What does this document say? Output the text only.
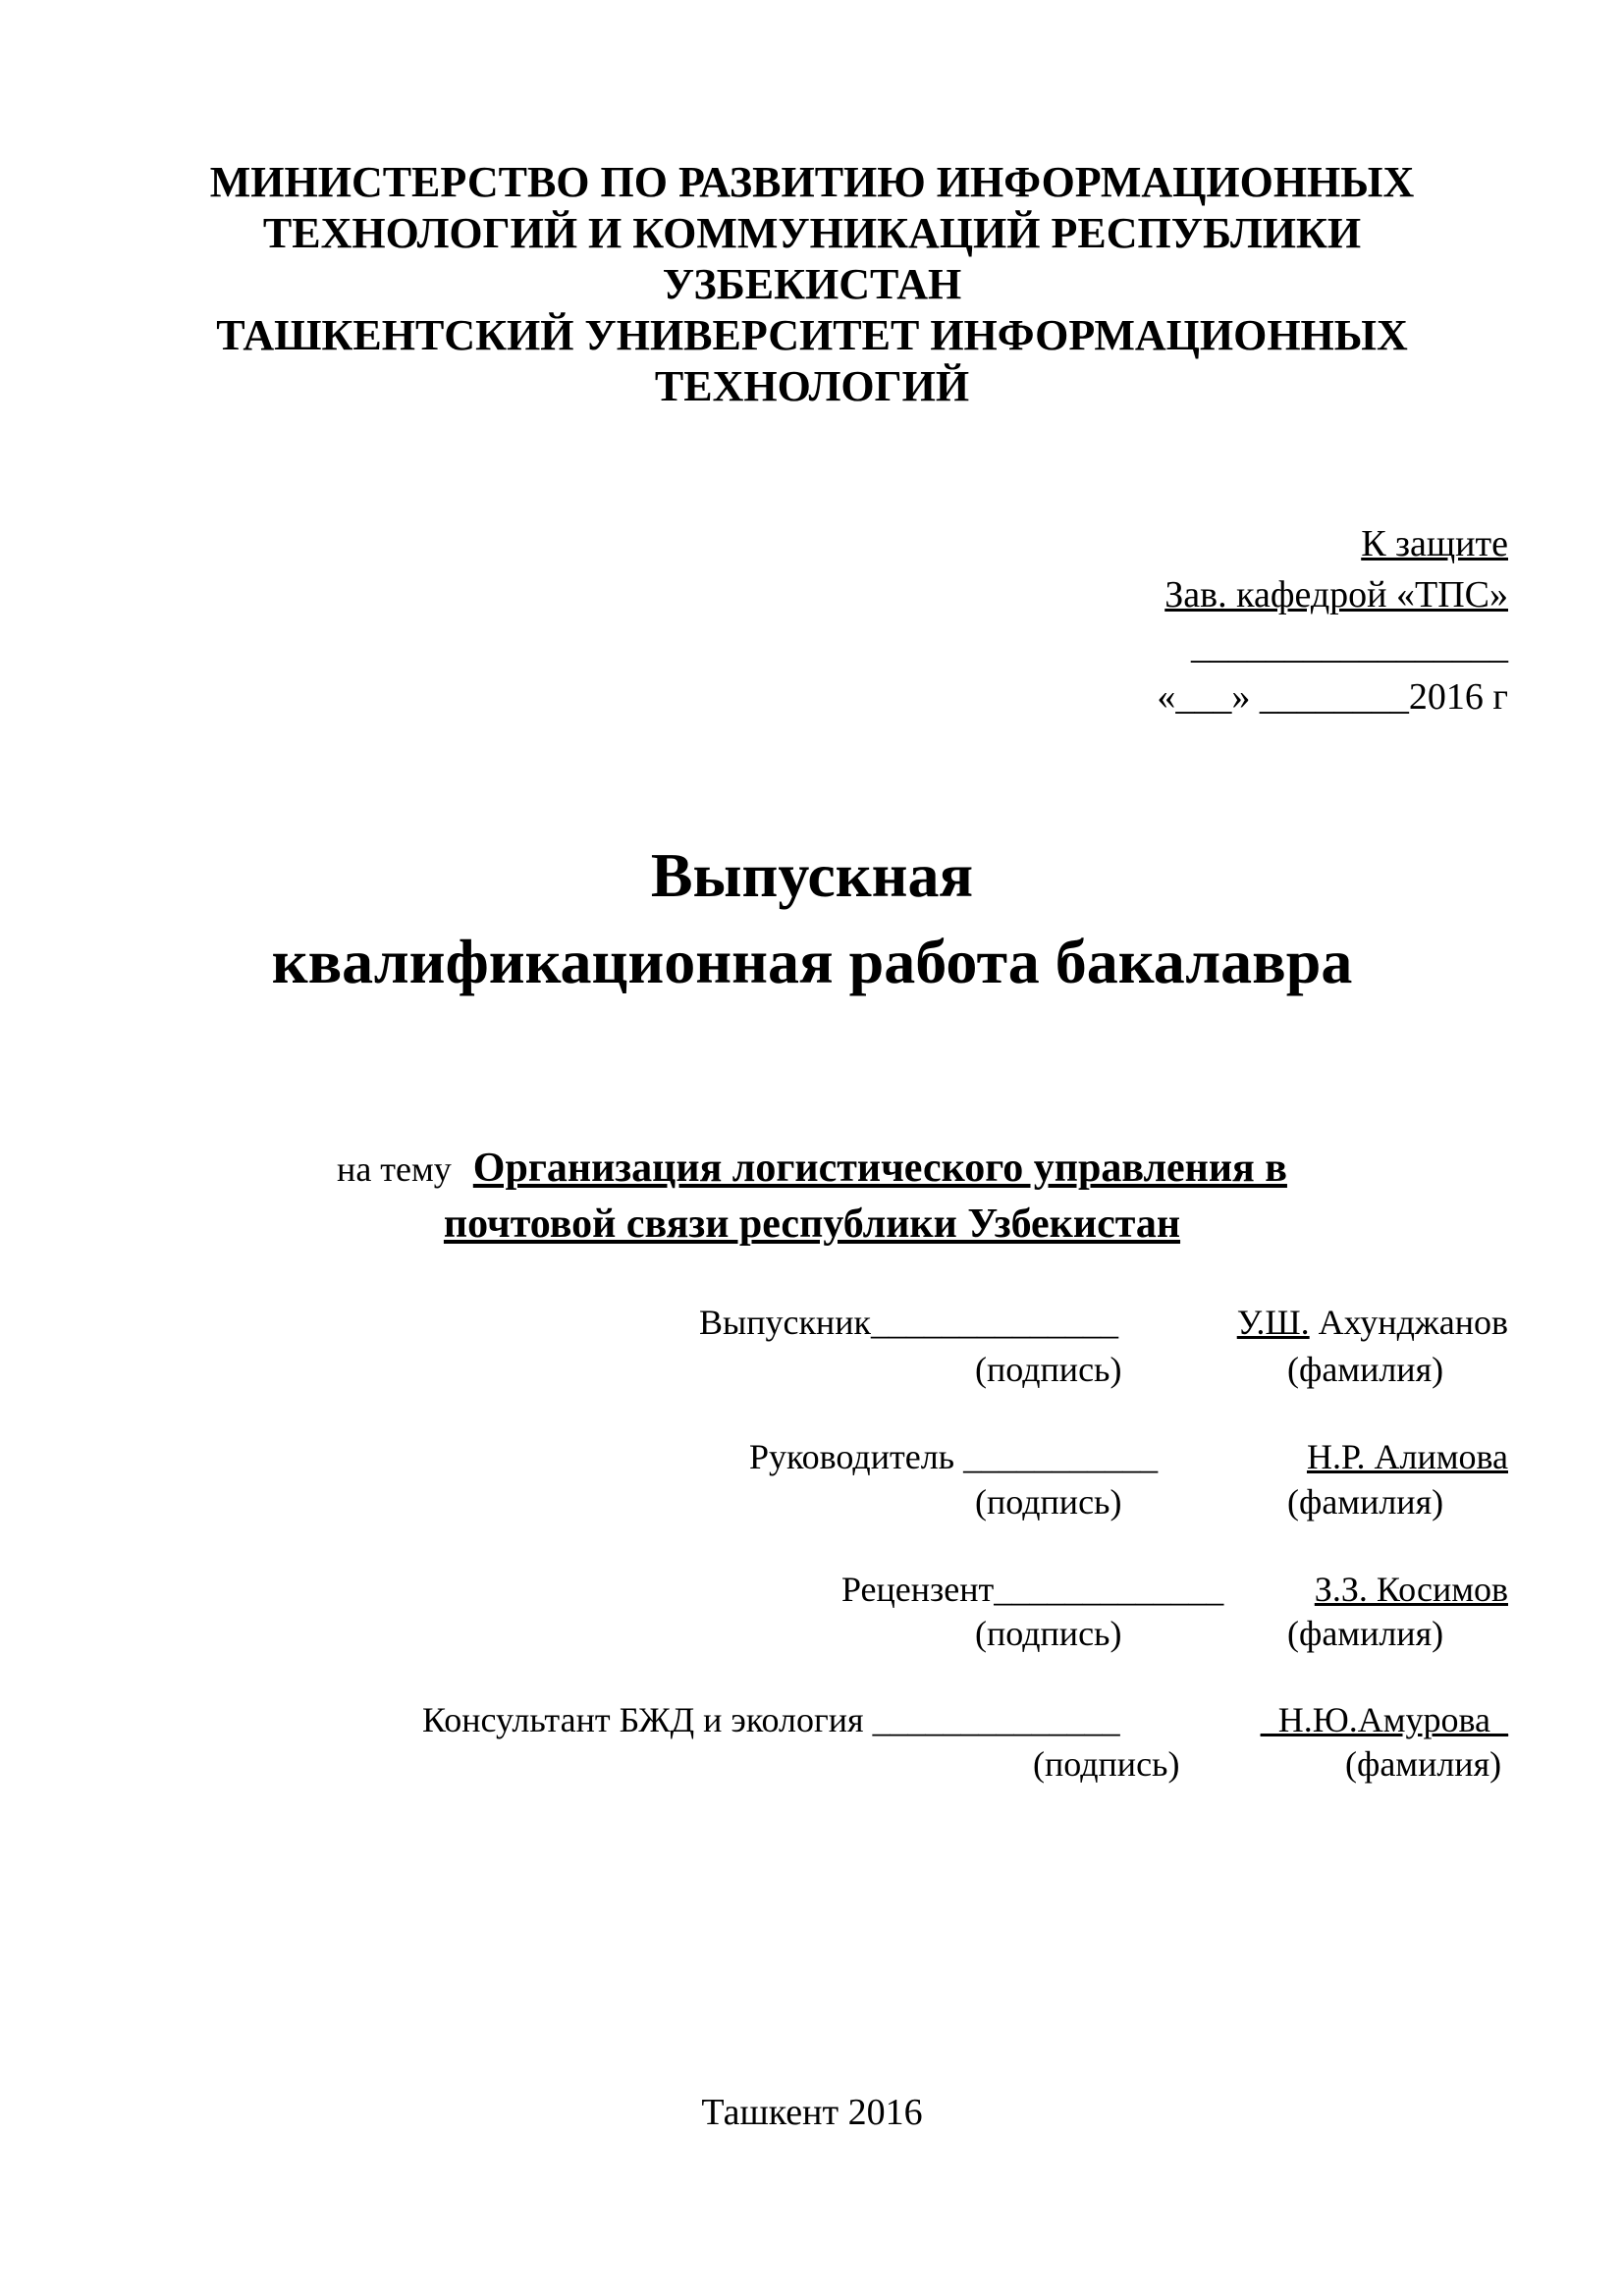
МИНИСТЕРСТВО ПО РАЗВИТИЮ ИНФОРМАЦИОННЫХ
ТЕХНОЛОГИЙ И КОММУНИКАЦИЙ РЕСПУБЛИКИ
УЗБЕКИСТАН
ТАШКЕНТСКИЙ УНИВЕРСИТЕТ ИНФОРМАЦИОННЫХ
ТЕХНОЛОГИЙ
К защите
Зав. кафедрой «ТПС»
_________________
«___» ________2016 г
Выпускная
квалификационная работа бакалавра
на тему Организация логистического управления в
почтовой связи республики Узбекистан
Выпускник______________	У.Ш. Ахунджанов
(подпись)	(фамилия)
Руководитель ___________	Н.Р. Алимова
(подпись)	(фамилия)
Рецензент_____________	З.З. Косимов
(подпись)	(фамилия)
Консультант БЖД и экология ______________	_Н.Ю.Амурова_
(подпись)	(фамилия)
Ташкент 2016
